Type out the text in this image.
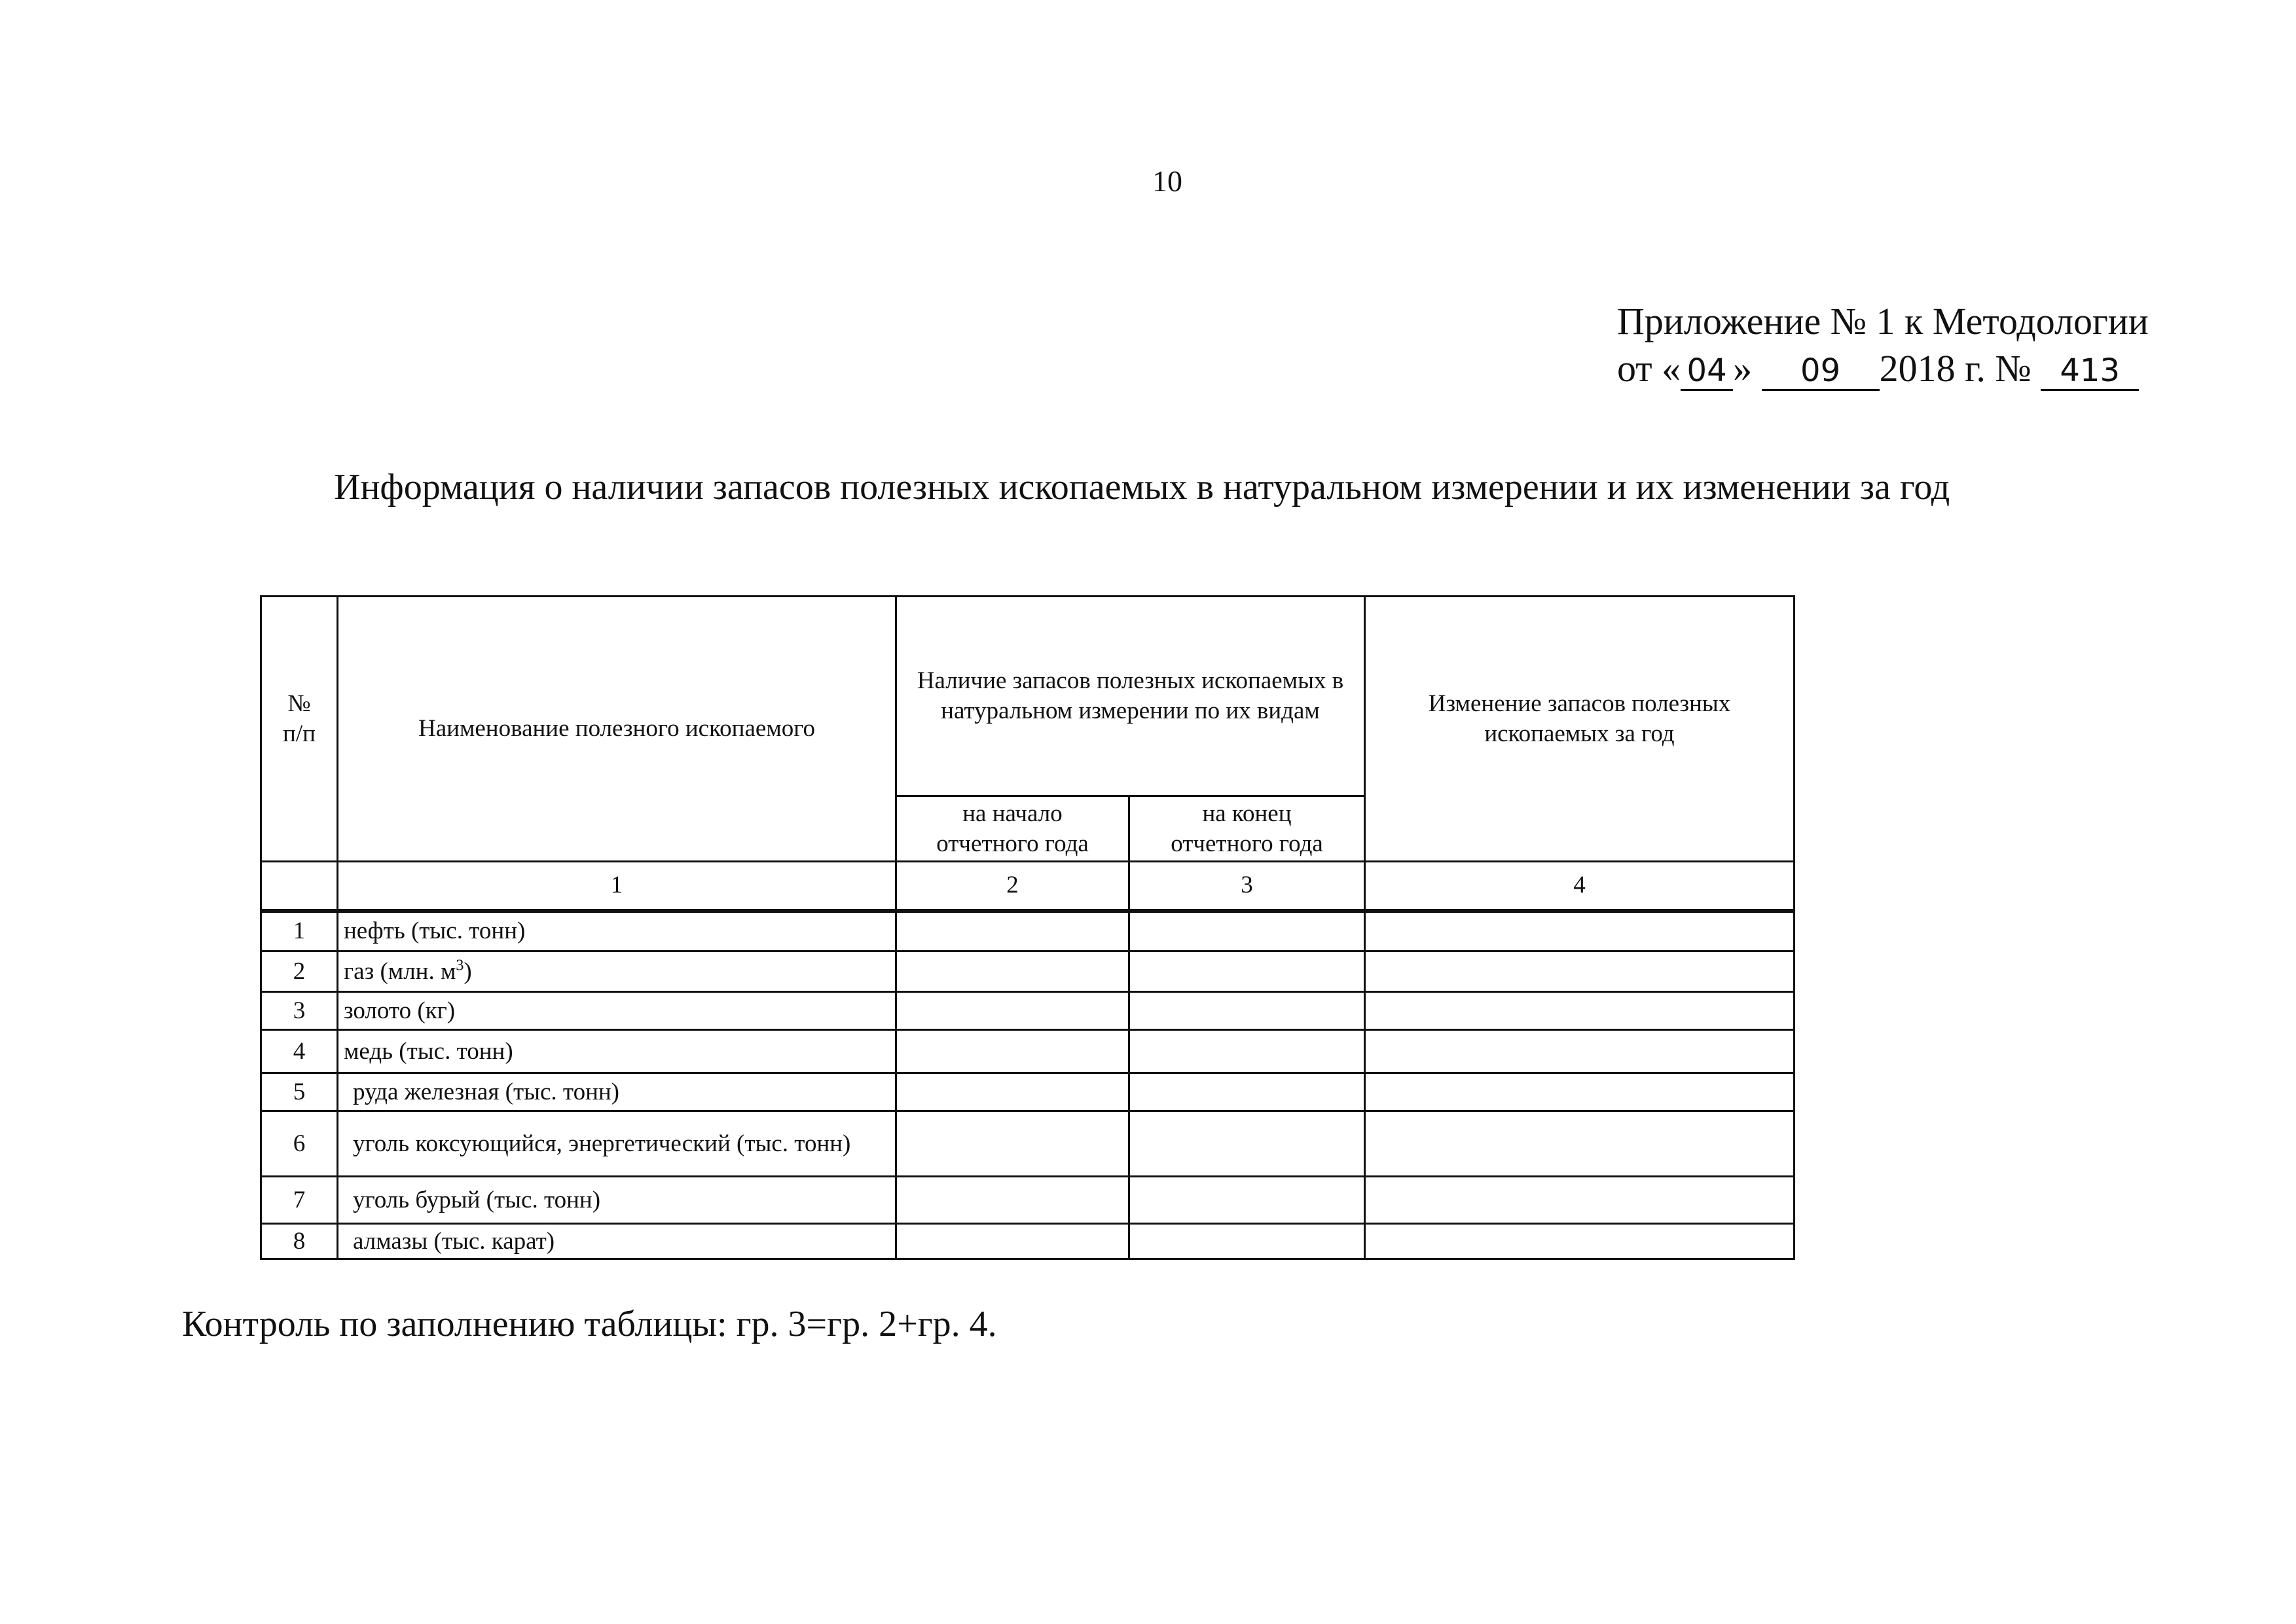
10
Приложение № 1 к Методологии
от « 04 » 09 2018 г. № 413
Информация о наличии запасов полезных ископаемых в натуральном измерении и их изменении за год
№ п/п	Наименование полезного ископаемого	Наличие запасов полезных ископаемых в натуральном измерении по их видам		Изменение запасов полезных ископаемых за год

		на начало отчетного года	на конец отчетного года	

	1	2	3	4
1	нефть (тыс. тонн)			
2	газ (млн. $м^3$)			
3	золото (кг)			
4	медь (тыс. тонн)			
5	руда железная (тыс. тонн)			
6	уголь коксующийся, энергетический (тыс. тонн)			

7	уголь бурый (тыс. тонн)			
8	алмазы (тыс. карат)			
Контроль по заполнению таблицы: гр. 3=гр. 2+гр. 4.
